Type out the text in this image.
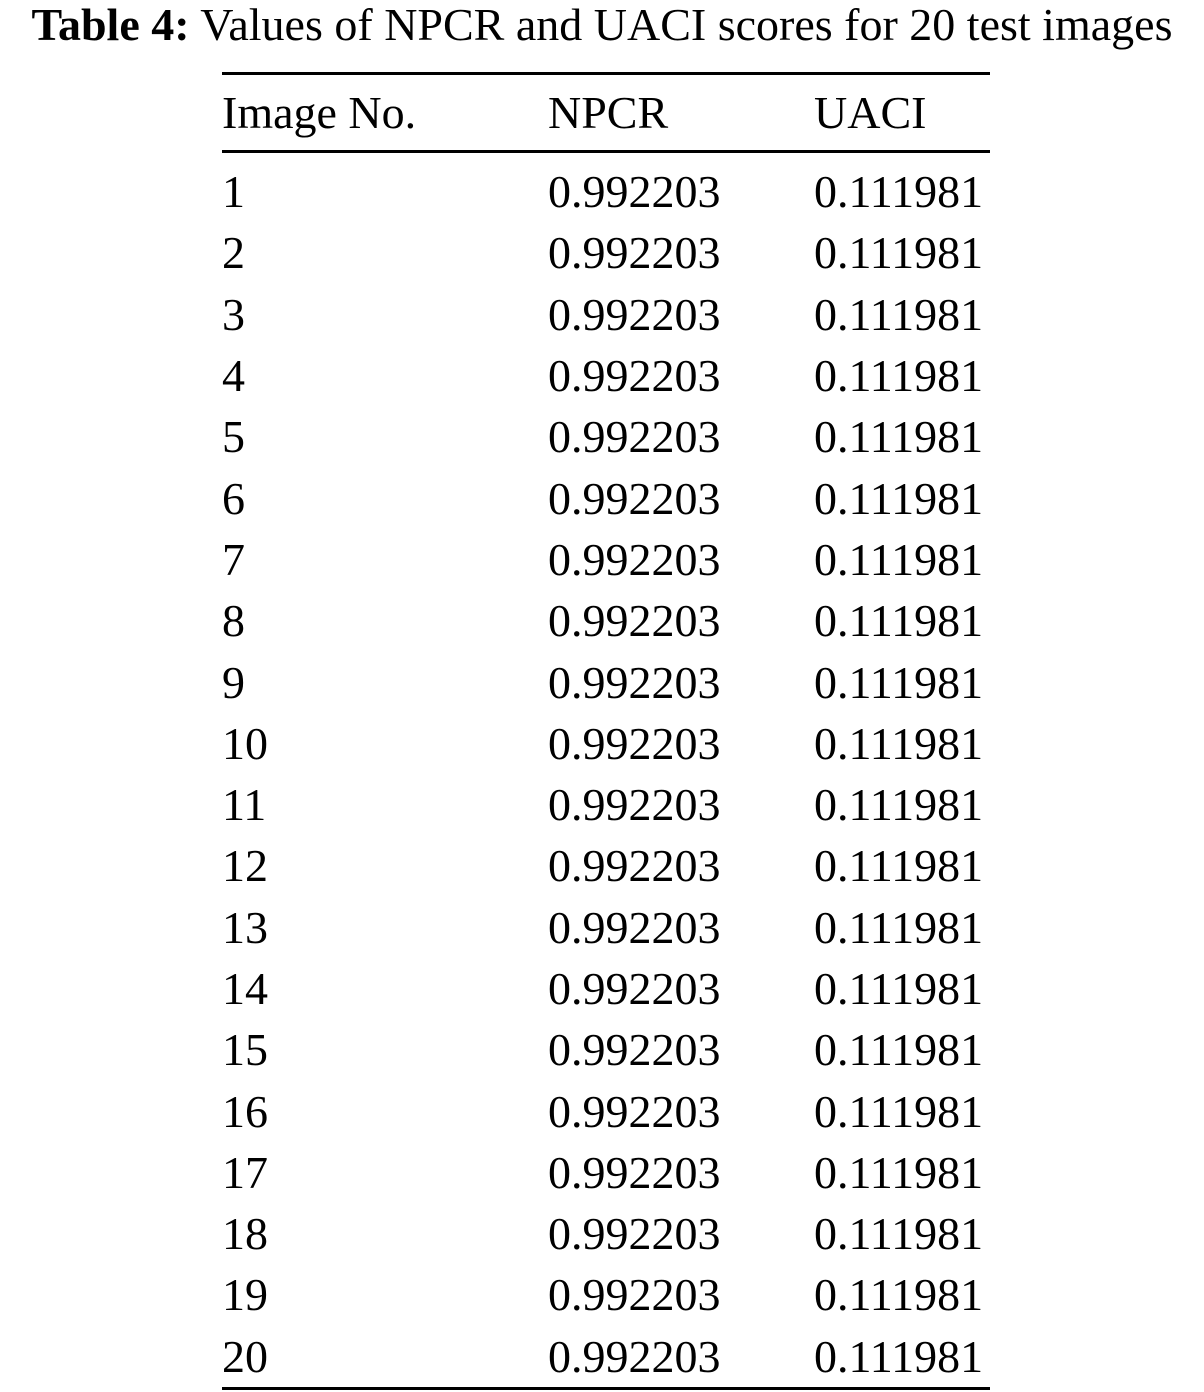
Table 4: Values of NPCR and UACI scores for 20 test images
Image No.	NPCR	UACI
1	0.992203	0.111981
2	0.992203	0.111981
3	0.992203	0.111981
4	0.992203	0.111981
5	0.992203	0.111981
6	0.992203	0.111981
7	0.992203	0.111981
8	0.992203	0.111981
9	0.992203	0.111981
10	0.992203	0.111981
11	0.992203	0.111981
12	0.992203	0.111981
13	0.992203	0.111981
14	0.992203	0.111981
15	0.992203	0.111981
16	0.992203	0.111981
17	0.992203	0.111981
18	0.992203	0.111981
19	0.992203	0.111981
20	0.992203	0.111981
